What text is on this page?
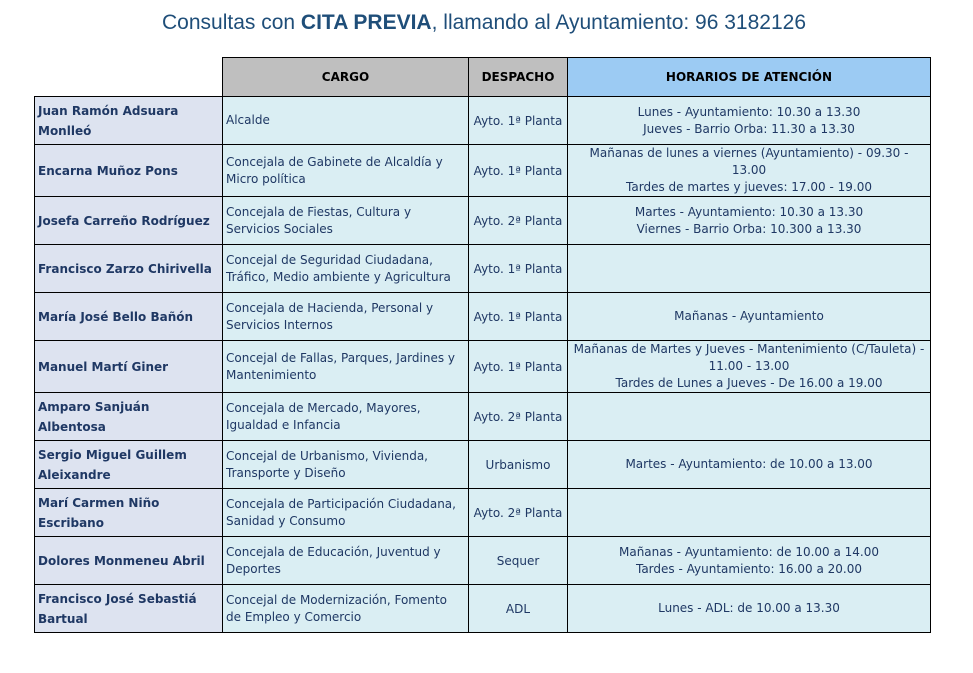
Consultas con CITA PREVIA, llamando al Ayuntamiento: 96 3182126
	CARGO	DESPACHO	HORARIOS DE ATENCIÓN
Juan Ramón Adsuara Monlleó	Alcalde	Ayto. 1ª Planta	Lunes - Ayuntamiento: 10.30 a 13.30
Jueves - Barrio Orba: 11.30 a 13.30

Encarna Muñoz Pons	Concejala de Gabinete de Alcaldía y Micro política	Ayto. 1ª Planta	Mañanas de lunes a viernes (Ayuntamiento) - 09.30 - 13.00
Tardes de martes y jueves: 17.00 - 19.00

Josefa Carreño Rodríguez	Concejala de Fiestas, Cultura y Servicios Sociales	Ayto. 2ª Planta	Martes - Ayuntamiento: 10.30 a 13.30
Viernes - Barrio Orba: 10.300 a 13.30

Francisco Zarzo Chirivella	Concejal de Seguridad Ciudadana, Tráfico, Medio ambiente y Agricultura	Ayto. 1ª Planta	
María José Bello Bañón	Concejala de Hacienda, Personal y Servicios Internos	Ayto. 1ª Planta	Mañanas - Ayuntamiento

Manuel Martí Giner	Concejal de Fallas, Parques, Jardines y Mantenimiento	Ayto. 1ª Planta	Mañanas de Martes y Jueves - Mantenimiento (C/Tauleta) - 11.00 - 13.00
Tardes de Lunes a Jueves - De 16.00 a 19.00

Amparo Sanjuán Albentosa	Concejala de Mercado, Mayores, Igualdad e Infancia	Ayto. 2ª Planta	
Sergio Miguel Guillem Aleixandre	Concejal de Urbanismo, Vivienda, Transporte y Diseño	Urbanismo	Martes - Ayuntamiento: de 10.00 a 13.00

Marí Carmen Niño Escribano	Concejala de Participación Ciudadana, Sanidad y Consumo	Ayto. 2ª Planta	
Dolores Monmeneu Abril	Concejala de Educación, Juventud y Deportes	Sequer	Mañanas - Ayuntamiento: de 10.00 a 14.00
Tardes - Ayuntamiento: 16.00 a 20.00

Francisco José Sebastiá Bartual	Concejal de Modernización, Fomento de Empleo y Comercio	ADL	Lunes - ADL: de 10.00 a 13.30
